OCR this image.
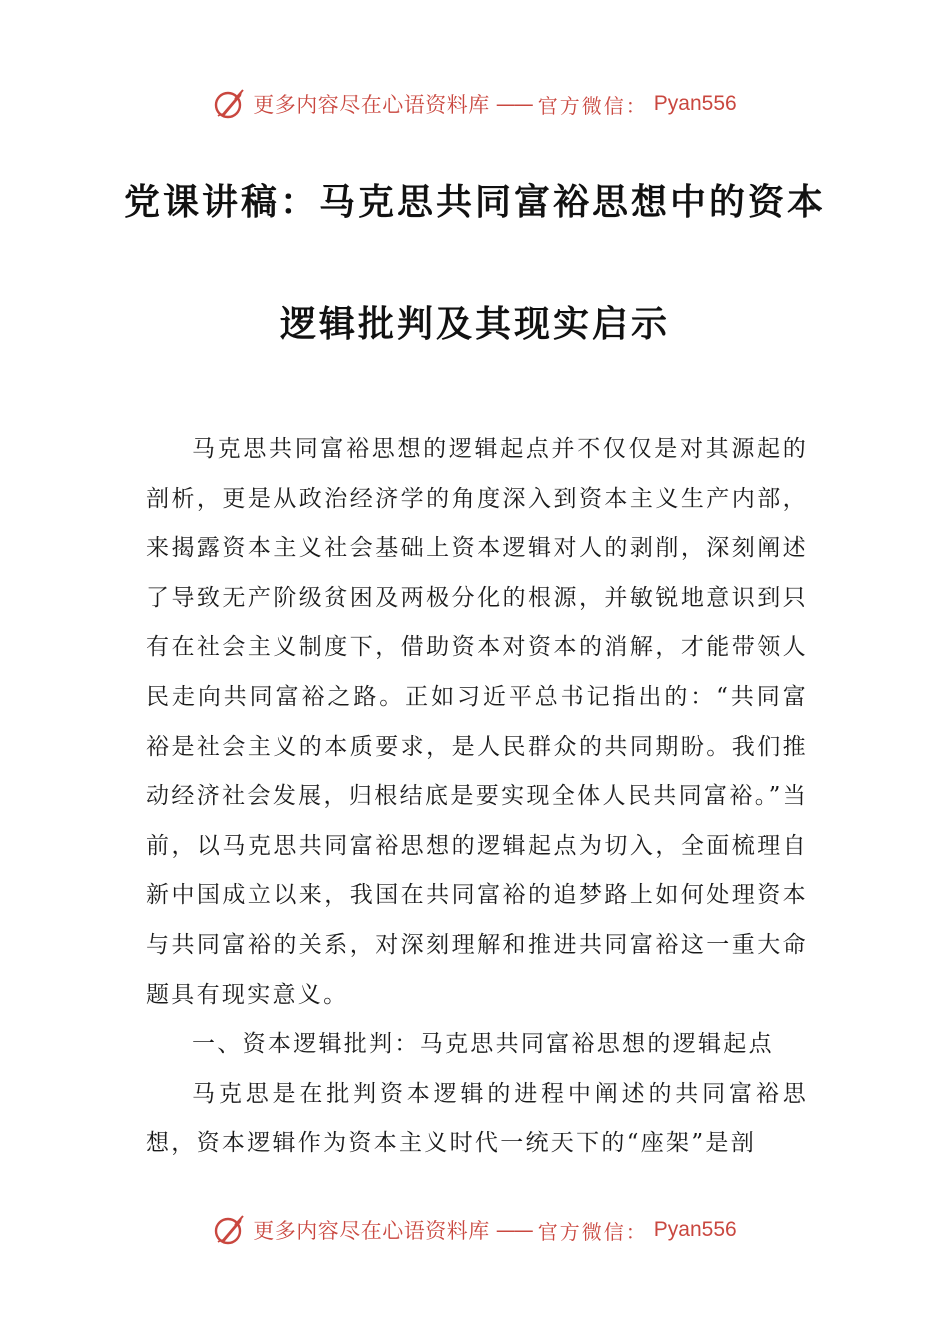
更多内容尽在心语资料库 —— 官方微信： Pyan556
党课讲稿：马克思共同富裕思想中的资本
逻辑批判及其现实启示

马克思共同富裕思想的逻辑起点并不仅仅是对其源起的剖析，更是从政治经济学的角度深入到资本主义生产内部，来揭露资本主义社会基础上资本逻辑对人的剥削，深刻阐述了导致无产阶级贫困及两极分化的根源，并敏锐地意识到只有在社会主义制度下，借助资本对资本的消解，才能带领人民走向共同富裕之路。正如习近平总书记指出的：“共同富裕是社会主义的本质要求，是人民群众的共同期盼。我们推动经济社会发展，归根结底是要实现全体人民共同富裕。”当前，以马克思共同富裕思想的逻辑起点为切入，全面梳理自新中国成立以来，我国在共同富裕的追梦路上如何处理资本与共同富裕的关系，对深刻理解和推进共同富裕这一重大命题具有现实意义。

一、资本逻辑批判：马克思共同富裕思想的逻辑起点

马克思是在批判资本逻辑的进程中阐述的共同富裕思想，资本逻辑作为资本主义时代一统天下的“座架”是剖

更多内容尽在心语资料库 —— 官方微信： Pyan556
